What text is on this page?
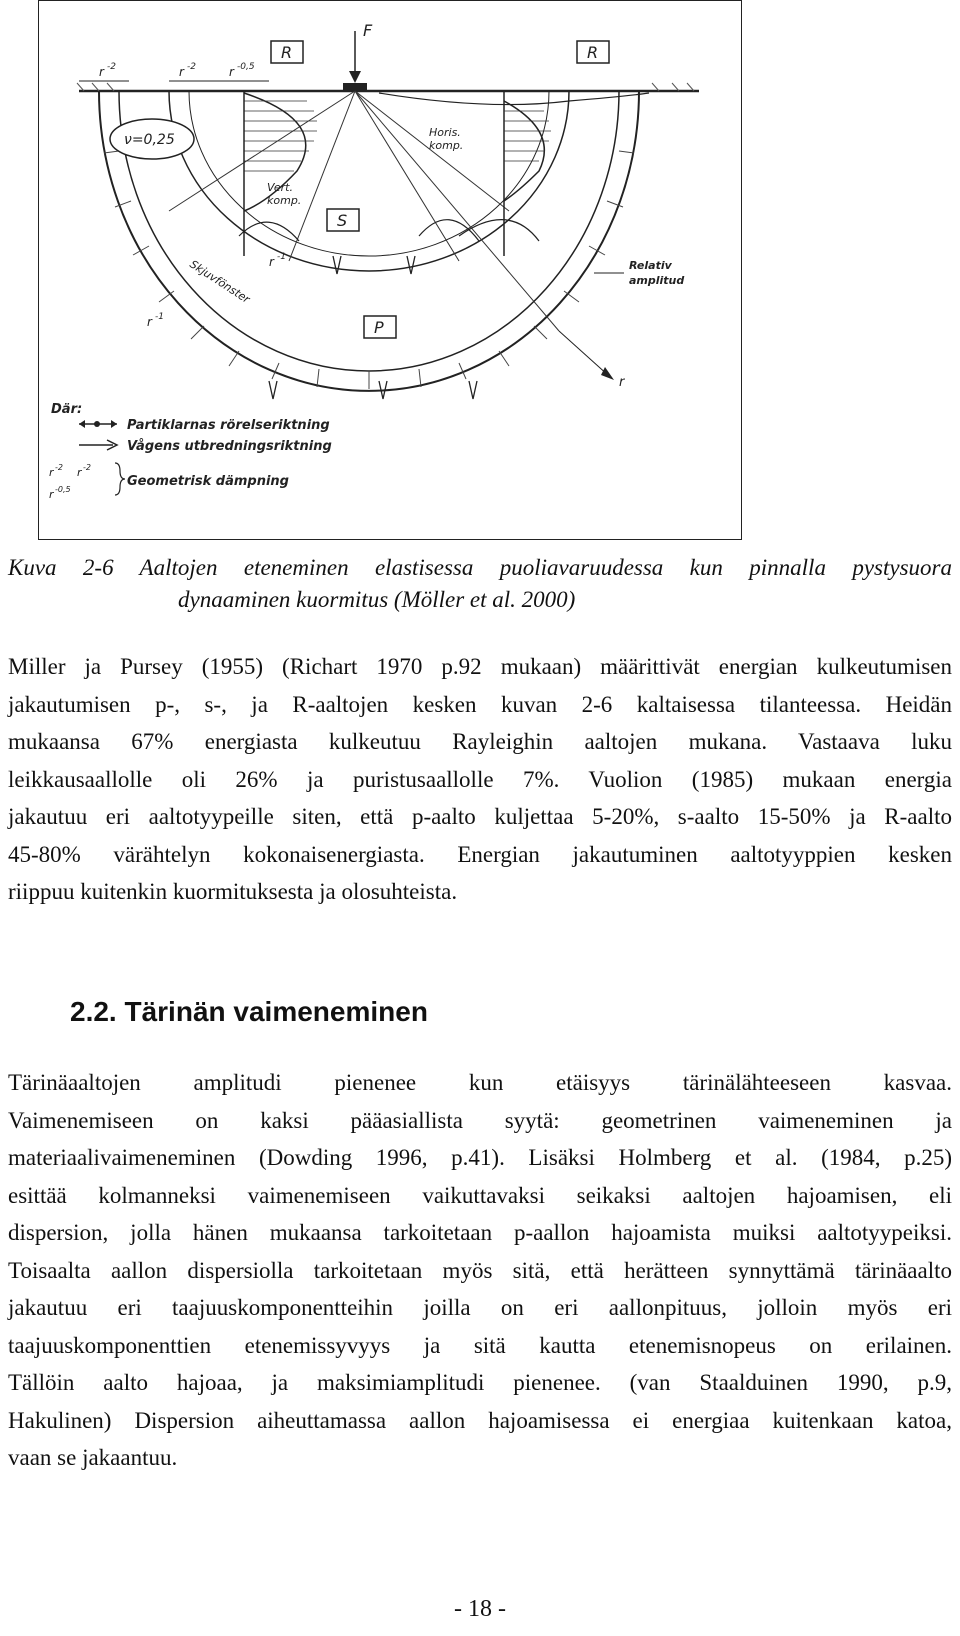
F
R	R
r -2	r -2	r -0,5
ν=0,25	Horis.
komp.
Vert.
komp.
S
P
Relativ
amplitud
Skjuvfönster
r
r -1
r -1
Där:
Partiklarnas rörelseriktning
Vågens utbredningsriktning
r -2 r -2
r -0,5
Geometrisk dämpning
Kuva 2-6 Aaltojen eteneminen elastisessa puoliavaruudessa kun pinnalla pystysuora
dynaaminen kuormitus (Möller et al. 2000)
Miller ja Pursey (1955) (Richart 1970 p.92 mukaan) määrittivät energian kulkeutumisen
jakautumisen p-, s-, ja R-aaltojen kesken kuvan 2-6 kaltaisessa tilanteessa. Heidän
mukaansa 67% energiasta kulkeutuu Rayleighin aaltojen mukana. Vastaava luku
leikkausaallolle oli 26% ja puristusaallolle 7%. Vuolion (1985) mukaan energia
jakautuu eri aaltotyypeille siten, että p-aalto kuljettaa 5-20%, s-aalto 15-50% ja R-aalto
45-80% värähtelyn kokonaisenergiasta. Energian jakautuminen aaltotyyppien kesken
riippuu kuitenkin kuormituksesta ja olosuhteista.
2.2. Tärinän vaimeneminen
Tärinäaaltojen amplitudi pienenee kun etäisyys tärinälähteeseen kasvaa.
Vaimenemiseen on kaksi pääasiallista syytä: geometrinen vaimeneminen ja
materiaalivaimeneminen (Dowding 1996, p.41). Lisäksi Holmberg et al. (1984, p.25)
esittää kolmanneksi vaimenemiseen vaikuttavaksi seikaksi aaltojen hajoamisen, eli
dispersion, jolla hänen mukaansa tarkoitetaan p-aallon hajoamista muiksi aaltotyypeiksi.
Toisaalta aallon dispersiolla tarkoitetaan myös sitä, että herätteen synnyttämä tärinäaalto
jakautuu eri taajuuskomponentteihin joilla on eri aallonpituus, jolloin myös eri
taajuuskomponenttien etenemissyvyys ja sitä kautta etenemisnopeus on erilainen.
Tällöin aalto hajoaa, ja maksimiamplitudi pienenee. (van Staalduinen 1990, p.9,
Hakulinen) Dispersion aiheuttamassa aallon hajoamisessa ei energiaa kuitenkaan katoa,
vaan se jakaantuu.
- 18 -
